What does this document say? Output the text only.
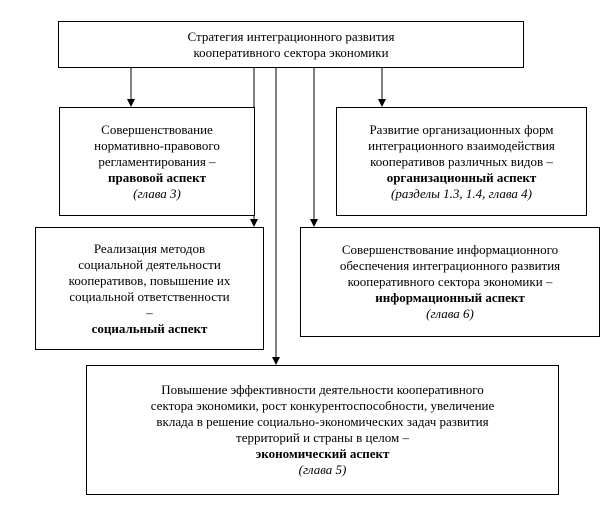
Стратегия интеграционного развития
кооперативного сектора экономики
Совершенствование
нормативно-правового
регламентирования –
правовой аспект
(глава 3)
Развитие организационных форм
интеграционного взаимодействия
кооперативов различных видов –
организационный аспект
(разделы 1.3, 1.4, глава 4)
Реализация методов
социальной деятельности
кооперативов, повышение их
социальной ответственности
–
социальный аспект
Совершенствование информационного
обеспечения интеграционного развития
кооперативного сектора экономики –
информационный аспект
(глава 6)
Повышение эффективности деятельности кооперативного
сектора экономики, рост конкурентоспособности, увеличение
вклада в решение социально-экономических задач развития
территорий и страны в целом –
экономический аспект
(глава 5)
